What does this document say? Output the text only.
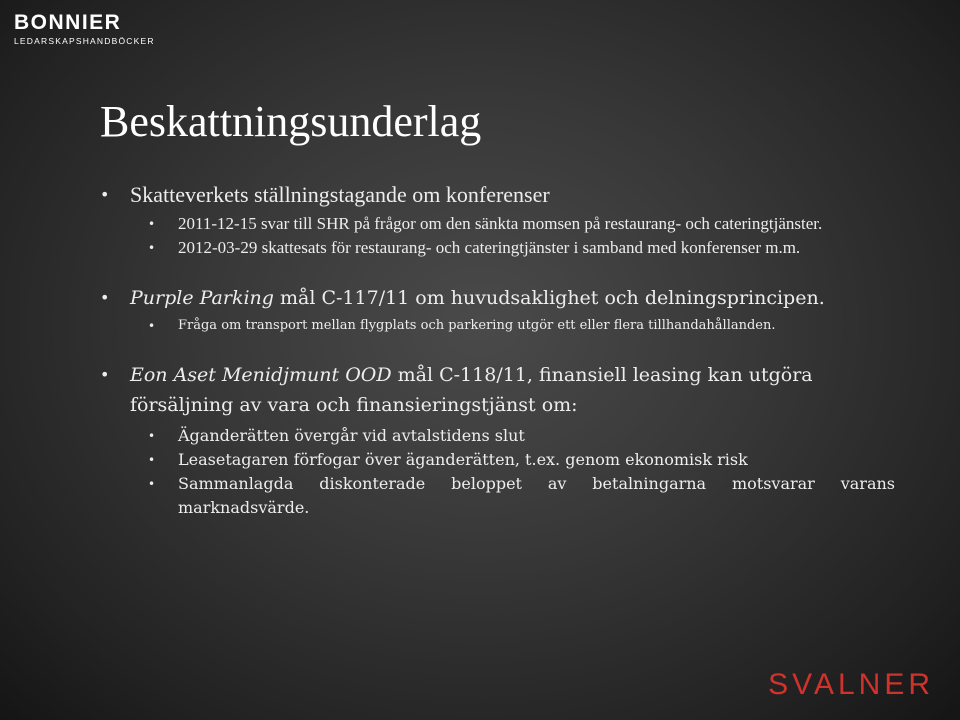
BONNIER
LEDARSKAPSHANDBÖCKER
Beskattningsunderlag

• Skatteverkets ställningstagande om konferenser

• 2011-12-15 svar till SHR på frågor om den sänkta momsen på restaurang- och cateringtjänster.

• 2012-03-29 skattesats för restaurang- och cateringtjänster i samband med konferenser m.m.

• Purple Parking mål C-117/11 om huvudsaklighet och delningsprincipen.

• Fråga om transport mellan flygplats och parkering utgör ett eller flera tillhandahållanden.

• Eon Aset Menidjmunt OOD mål C-118/11, finansiell leasing kan utgöra försäljning av vara och finansieringstjänst om:

• Äganderätten övergår vid avtalstidens slut

• Leasetagaren förfogar över äganderätten, t.ex. genom ekonomisk risk

• Sammanlagda diskonterade beloppet av betalningarna motsvarar varans marknadsvärde.

SVALNER
